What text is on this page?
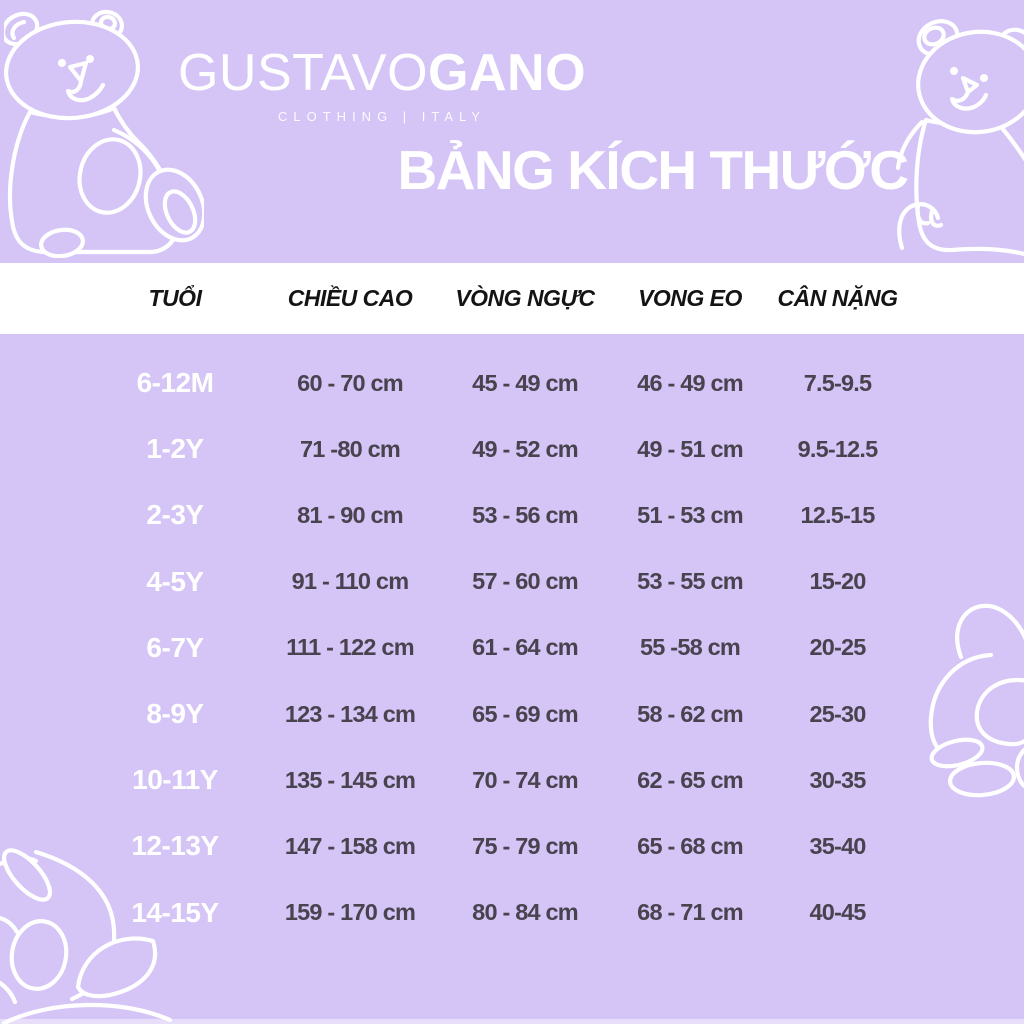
GUSTAVOGANO
CLOTHING | ITALY
BẢNG KÍCH THƯỚC
TUỔI	CHIỀU CAO	VÒNG NGỰC	VONG EO	CÂN NẶNG
6-12M	60 - 70 cm	45 - 49 cm	46 - 49 cm	7.5-9.5
1-2Y	71 -80 cm	49 - 52 cm	49 - 51 cm	9.5-12.5
2-3Y	81 - 90 cm	53 - 56 cm	51 - 53 cm	12.5-15
4-5Y	91 - 110 cm	57 - 60 cm	53 - 55 cm	15-20
6-7Y	111 - 122 cm	61 - 64 cm	55 -58 cm	20-25
8-9Y	123 - 134 cm	65 - 69 cm	58 - 62 cm	25-30
10-11Y	135 - 145 cm	70 - 74 cm	62 - 65 cm	30-35
12-13Y	147 - 158 cm	75 - 79 cm	65 - 68 cm	35-40
14-15Y	159 - 170 cm	80 - 84 cm	68 - 71 cm	40-45
